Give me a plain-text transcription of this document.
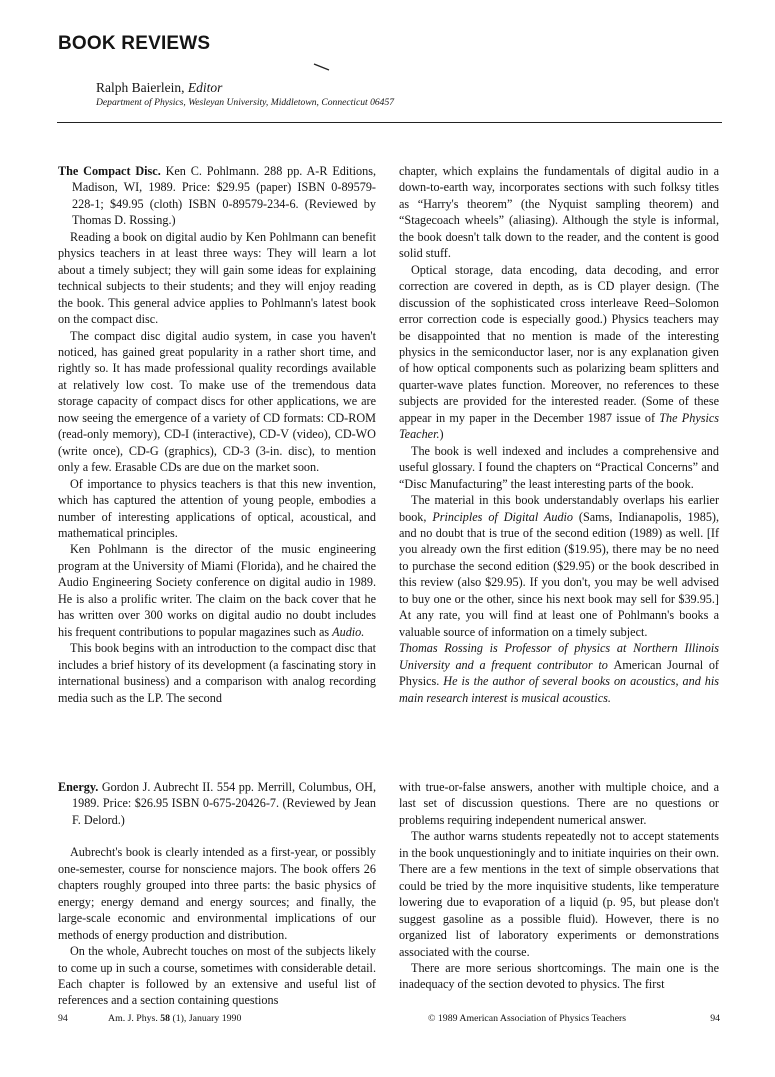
BOOK REVIEWS
Ralph Baierlein, Editor
Department of Physics, Wesleyan University, Middletown, Connecticut 06457

The Compact Disc. Ken C. Pohlmann. 288 pp. A-R Editions, Madison, WI, 1989. Price: $29.95 (paper) ISBN 0-89579-228-1; $49.95 (cloth) ISBN 0-89579-234-6. (Reviewed by Thomas D. Rossing.)

Reading a book on digital audio by Ken Pohlmann can benefit physics teachers in at least three ways: They will learn a lot about a timely subject; they will gain some ideas for explaining technical subjects to their students; and they will enjoy reading the book. This general advice applies to Pohlmann's latest book on the compact disc.

The compact disc digital audio system, in case you haven't noticed, has gained great popularity in a rather short time, and rightly so. It has made professional quality recordings available at relatively low cost. To make use of the tremendous data storage capacity of compact discs for other applications, we are now seeing the emergence of a variety of CD formats: CD-ROM (read-only memory), CD-I (interactive), CD-V (video), CD-WO (write once), CD-G (graphics), CD-3 (3-in. disc), to mention only a few. Erasable CDs are due on the market soon.

Of importance to physics teachers is that this new invention, which has captured the attention of young people, embodies a number of interesting applications of optical, acoustical, and mathematical principles.

Ken Pohlmann is the director of the music engineering program at the University of Miami (Florida), and he chaired the Audio Engineering Society conference on digital audio in 1989. He is also a prolific writer. The claim on the back cover that he has written over 300 works on digital audio no doubt includes his frequent contributions to popular magazines such as Audio.

This book begins with an introduction to the compact disc that includes a brief history of its development (a fascinating story in international business) and a comparison with analog recording media such as the LP. The second

chapter, which explains the fundamentals of digital audio in a down-to-earth way, incorporates sections with such folksy titles as “Harry's theorem” (the Nyquist sampling theorem) and “Stagecoach wheels” (aliasing). Although the style is informal, the book doesn't talk down to the reader, and the content is good solid stuff.

Optical storage, data encoding, data decoding, and error correction are covered in depth, as is CD player design. (The discussion of the sophisticated cross interleave Reed–Solomon error correction code is especially good.) Physics teachers may be disappointed that no mention is made of the interesting physics in the semiconductor laser, nor is any explanation given of how optical components such as polarizing beam splitters and quarter-wave plates function. Moreover, no references to these subjects are provided for the interested reader. (Some of these appear in my paper in the December 1987 issue of The Physics Teacher.)

The book is well indexed and includes a comprehensive and useful glossary. I found the chapters on “Practical Concerns” and “Disc Manufacturing” the least interesting parts of the book.

The material in this book understandably overlaps his earlier book, Principles of Digital Audio (Sams, Indianapolis, 1985), and no doubt that is true of the second edition (1989) as well. [If you already own the first edition ($19.95), there may be no need to purchase the second edition ($29.95) or the book described in this review (also $29.95). If you don't, you may be well advised to buy one or the other, since his next book may sell for $39.95.] At any rate, you will find at least one of Pohlmann's books a valuable source of information on a timely subject.

Thomas Rossing is Professor of physics at Northern Illinois University and a frequent contributor to American Journal of Physics. He is the author of several books on acoustics, and his main research interest is musical acoustics.

Energy. Gordon J. Aubrecht II. 554 pp. Merrill, Columbus, OH, 1989. Price: $26.95 ISBN 0-675-20426-7. (Reviewed by Jean F. Delord.)

Aubrecht's book is clearly intended as a first-year, or possibly one-semester, course for nonscience majors. The book offers 26 chapters roughly grouped into three parts: the basic physics of energy; energy demand and energy sources; and finally, the large-scale economic and environmental implications of our methods of energy production and distribution.

On the whole, Aubrecht touches on most of the subjects likely to come up in such a course, sometimes with considerable detail. Each chapter is followed by an extensive and useful list of references and a section containing questions

with true-or-false answers, another with multiple choice, and a last set of discussion questions. There are no questions or problems requiring independent numerical answer.

The author warns students repeatedly not to accept statements in the book unquestioningly and to initiate inquiries on their own. There are a few mentions in the text of simple observations that could be tried by the more inquisitive students, like temperature lowering due to evaporation of a liquid (p. 95, but please don't suggest gasoline as a possible fluid). However, there is no organized list of laboratory experiments or demonstrations associated with the course.

There are more serious shortcomings. The main one is the inadequacy of the section devoted to physics. The first

94	Am. J. Phys. 58 (1), January 1990	© 1989 American Association of Physics Teachers	94
